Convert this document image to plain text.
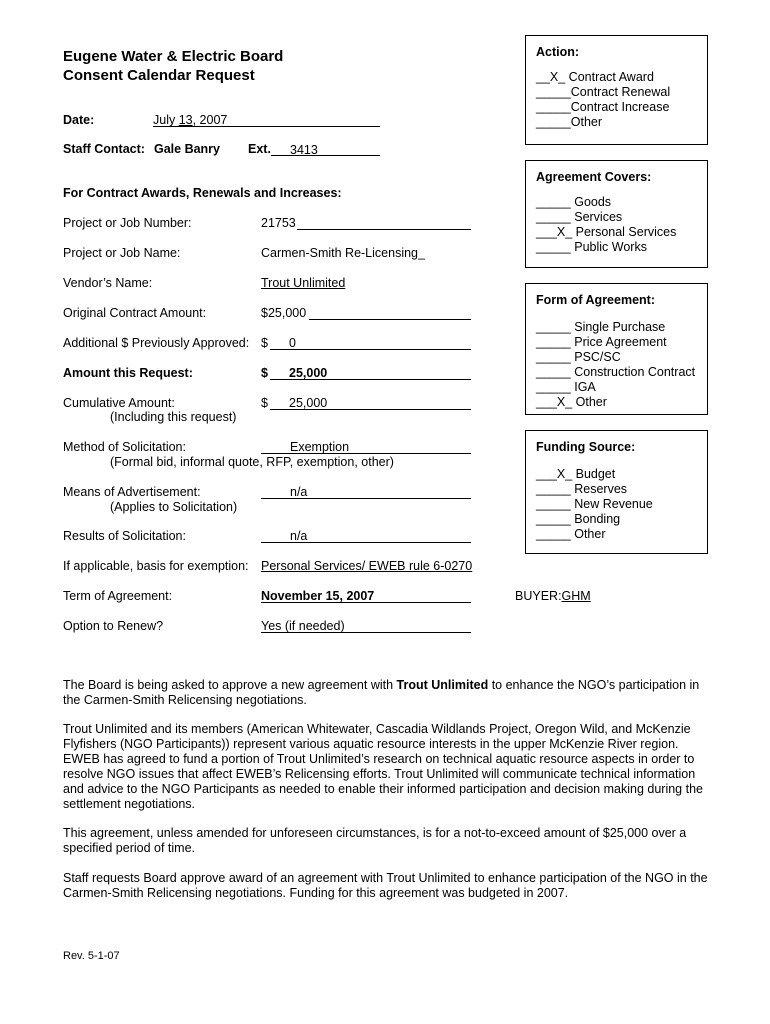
Eugene Water & Electric Board
Consent Calendar Request
Date:	July 13, 2007
Staff Contact: Gale Banry Ext. 3413
For Contract Awards, Renewals and Increases:
Project or Job Number:	21753
Project or Job Name:	Carmen-Smith Re-Licensing_
Vendor’s Name:	Trout Unlimited
Original Contract Amount:	$25,000
Additional $ Previously Approved: $ 0
Amount this Request:	$ 25,000
Cumulative Amount:
(Including this request)
$ 25,000
Method of Solicitation:
(Formal bid, informal quote, RFP, exemption, other)
Exemption
Means of Advertisement:
(Applies to Solicitation)
n/a
Results of Solicitation:	n/a
If applicable, basis for exemption: Personal Services/ EWEB rule 6-0270
Term of Agreement:	November 15, 2007	BUYER:GHM
Option to Renew?	Yes (if needed)
Action:
__X_ Contract Award
_____Contract Renewal
_____Contract Increase
_____Other
Agreement Covers:
_____ Goods
_____ Services
___X_ Personal Services
_____ Public Works
Form of Agreement:
_____ Single Purchase
_____ Price Agreement
_____ PSC/SC
_____ Construction Contract
_____ IGA
___X_ Other
Funding Source:
___X_ Budget
_____ Reserves
_____ New Revenue
_____ Bonding
_____ Other
The Board is being asked to approve a new agreement with Trout Unlimited to enhance the NGO’s participation in the Carmen-Smith Relicensing negotiations.
Trout Unlimited and its members (American Whitewater, Cascadia Wildlands Project, Oregon Wild, and McKenzie Flyfishers (NGO Participants)) represent various aquatic resource interests in the upper McKenzie River region. EWEB has agreed to fund a portion of Trout Unlimited’s research on technical aquatic resource aspects in order to resolve NGO issues that affect EWEB’s Relicensing efforts. Trout Unlimited will communicate technical information and advice to the NGO Participants as needed to enable their informed participation and decision making during the settlement negotiations.
This agreement, unless amended for unforeseen circumstances, is for a not-to-exceed amount of $25,000 over a specified period of time.
Staff requests Board approve award of an agreement with Trout Unlimited to enhance participation of the NGO in the Carmen-Smith Relicensing negotiations. Funding for this agreement was budgeted in 2007.
Rev. 5-1-07
